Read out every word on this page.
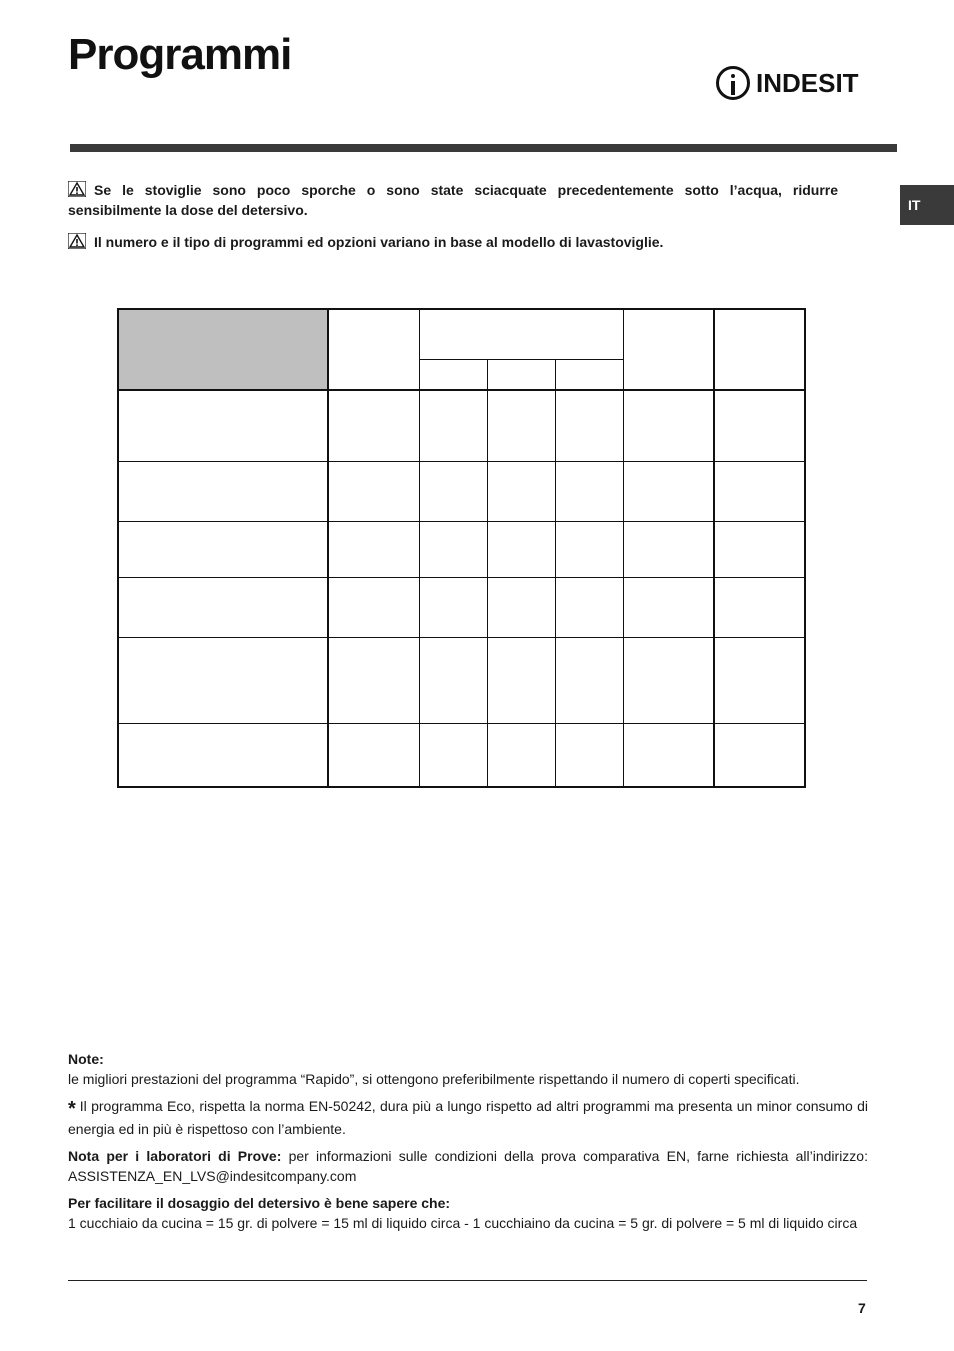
Programmi
INDESIT
IT
Se le stoviglie sono poco sporche o sono state sciacquate precedentemente sotto l’acqua, ridurre sensibilmente la dose del detersivo.
Il numero e il tipo di programmi ed opzioni variano in base al modello di lavastoviglie.

Note:
le migliori prestazioni del programma “Rapido”, si ottengono preferibilmente rispettando il numero di coperti specificati.

* Il programma Eco, rispetta la norma EN-50242, dura più a lungo rispetto ad altri programmi ma presenta un minor consumo di energia ed in più è rispettoso con l’ambiente.

Nota per i laboratori di Prove: per informazioni sulle condizioni della prova comparativa EN, farne richiesta all’indirizzo: ASSISTENZA_EN_LVS@indesitcompany.com

Per facilitare il dosaggio del detersivo è bene sapere che:
1 cucchiaio da cucina = 15 gr. di polvere = 15 ml di liquido circa - 1 cucchiaino da cucina = 5 gr. di polvere = 5 ml di liquido circa

7
